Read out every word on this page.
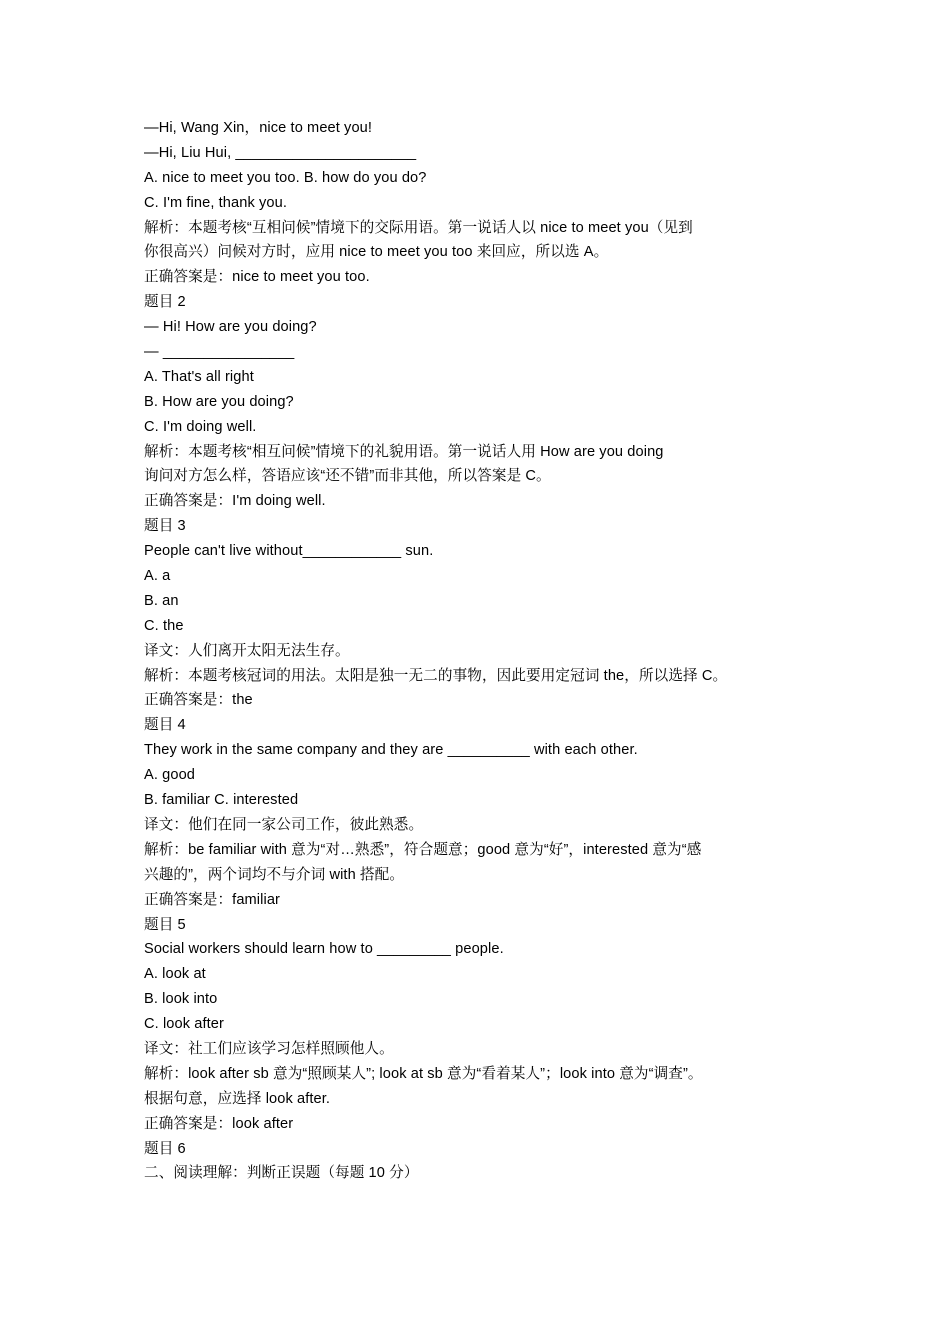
—Hi, Wang Xin，nice to meet you!
—Hi, Liu Hui, ______________________
A. nice to meet you too. B. how do you do?
C. I'm fine, thank you.
解析：本题考核“互相问候”情境下的交际用语。第一说话人以 nice to meet you（见到
你很高兴）问候对方时，应用 nice to meet you too 来回应，所以选 A。
正确答案是：nice to meet you too.
题目 2
— Hi! How are you doing?
— ________________
A. That's all right
B. How are you doing?
C. I'm doing well.
解析：本题考核“相互问候”情境下的礼貌用语。第一说话人用 How are you doing
询问对方怎么样，答语应该“还不错”而非其他，所以答案是 C。
正确答案是：I'm doing well.
题目 3
People can't live without____________ sun.
A. a
B. an
C. the
译文：人们离开太阳无法生存。
解析：本题考核冠词的用法。太阳是独一无二的事物，因此要用定冠词 the，所以选择 C。
正确答案是：the
题目 4
They work in the same company and they are __________ with each other.
A. good
B. familiar C. interested
译文：他们在同一家公司工作，彼此熟悉。
解析：be familiar with 意为“对…熟悉”，符合题意；good 意为“好”，interested 意为“感
兴趣的”，两个词均不与介词 with 搭配。
正确答案是：familiar
题目 5
Social workers should learn how to _________ people.
A. look at
B. look into
C. look after
译文：社工们应该学习怎样照顾他人。
解析：look after sb 意为“照顾某人”; look at sb 意为“看着某人”；look into 意为“调查”。
根据句意，应选择 look after.
正确答案是：look after
题目 6
二、阅读理解：判断正误题（每题 10 分）
